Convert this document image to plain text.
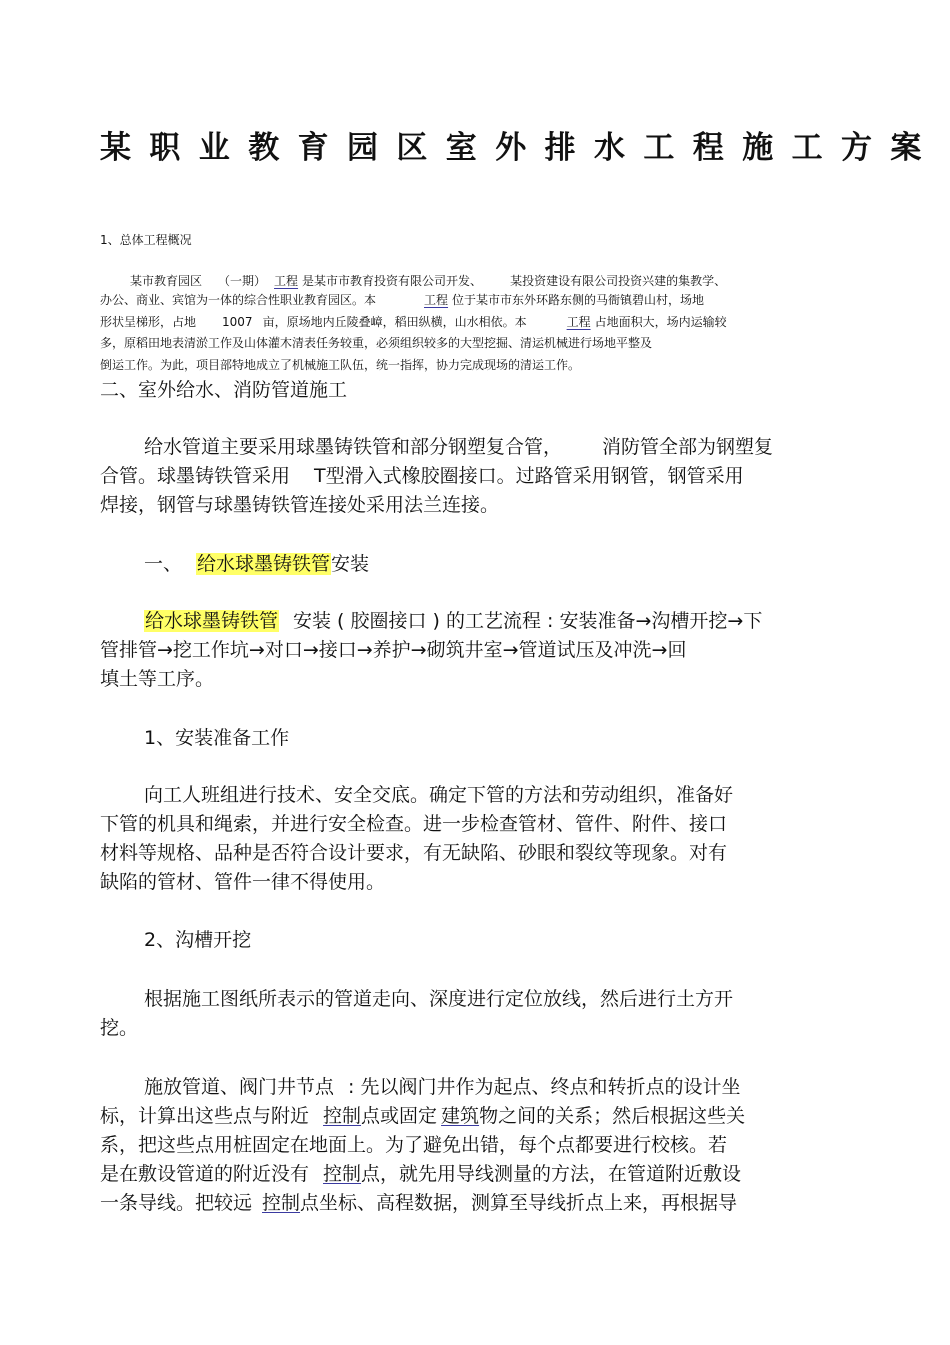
某职业教育园区室外排水工程施工方案

1、总体工程概况

某市教育园区 （一期） 工程 是某市市教育投资有限公司开发、 某投资建设有限公司投资兴建的集教学、

办公、商业、宾馆为一体的综合性职业教育园区。本	工程 位于某市市东外环路东侧的马衙镇碧山村，场地

形状呈梯形，占地 1007 亩，原场地内丘陵叠嶂，稻田纵横，山水相依。本	工程 占地面积大，场内运输较

多，原稻田地表清淤工作及山体灌木清表任务较重，必须组织较多的大型挖掘、清运机械进行场地平整及

倒运工作。为此，项目部特地成立了机械施工队伍，统一指挥，协力完成现场的清运工作。

二、室外给水、消防管道施工

给水管道主要采用球墨铸铁管和部分钢塑复合管， 消防管全部为钢塑复

合管。球墨铸铁管采用 T型滑入式橡胶圈接口。过路管采用钢管，钢管采用

焊接，钢管与球墨铸铁管连接处采用法兰连接。

一、 给水球墨铸铁管安装

给水球墨铸铁管 安装 ( 胶圈接口 ) 的工艺流程 : 安装准备→沟槽开挖→下

管排管→挖工作坑→对口→接口→养护→砌筑井室→管道试压及冲洗→回

填土等工序。

1、安装准备工作

向工人班组进行技术、安全交底。确定下管的方法和劳动组织，准备好

下管的机具和绳索，并进行安全检查。进一步检查管材、管件、附件、接口

材料等规格、品种是否符合设计要求，有无缺陷、砂眼和裂纹等现象。对有

缺陷的管材、管件一律不得使用。

2、沟槽开挖

根据施工图纸所表示的管道走向、深度进行定位放线，然后进行土方开

挖。

施放管道、阀门井节点 : 先以阀门井作为起点、终点和转折点的设计坐

标，计算出这些点与附近 控制点或固定 建筑物之间的关系；然后根据这些关

系，把这些点用桩固定在地面上。为了避免出错，每个点都要进行校核。若

是在敷设管道的附近没有 控制点，就先用导线测量的方法，在管道附近敷设

一条导线。把较远 控制点坐标、高程数据，测算至导线折点上来，再根据导
